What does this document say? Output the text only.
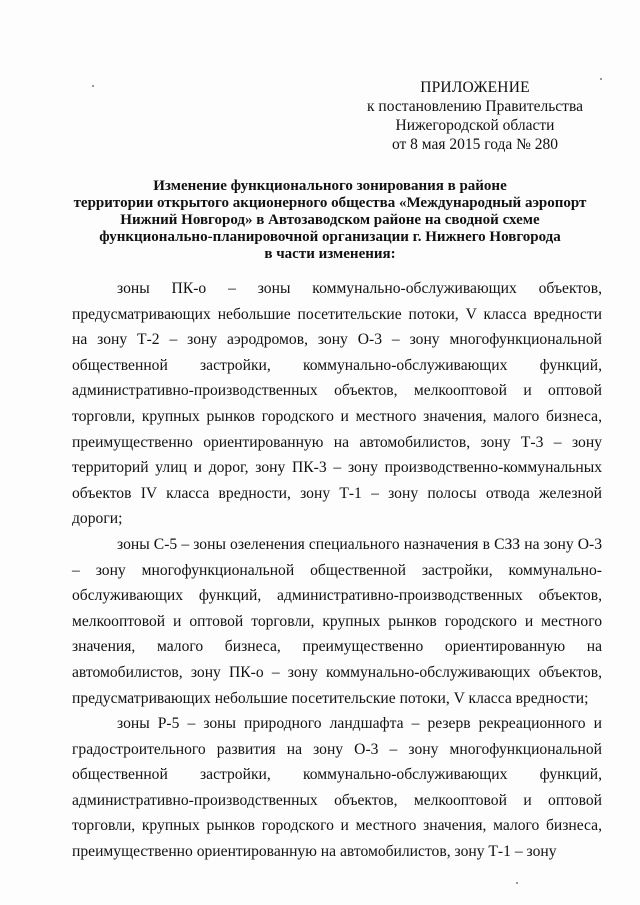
ПРИЛОЖЕНИЕ
к постановлению Правительства
Нижегородской области
от 8 мая 2015 года № 280
Изменение функционального зонирования в районе
территории открытого акционерного общества «Международный аэропорт
Нижний Новгород» в Автозаводском районе на сводной схеме
функционально-планировочной организации г. Нижнего Новгорода
в части изменения:

зоны ПК-о – зоны коммунально-обслуживающих объектов, предусматривающих небольшие посетительские потоки, V класса вредности на зону Т-2 – зону аэродромов, зону О-3 – зону многофункциональной общественной застройки, коммунально-обслуживающих функций, административно-производственных объектов, мелкооптовой и оптовой торговли, крупных рынков городского и местного значения, малого бизнеса, преимущественно ориентированную на автомобилистов, зону Т-3 – зону территорий улиц и дорог, зону ПК-3 – зону производственно-коммунальных объектов IV класса вредности, зону Т-1 – зону полосы отвода железной дороги;

зоны С-5 – зоны озеленения специального назначения в СЗЗ на зону О-3 – зону многофункциональной общественной застройки, коммунально-обслуживающих функций, административно-производственных объектов, мелкооптовой и оптовой торговли, крупных рынков городского и местного значения, малого бизнеса, преимущественно ориентированную на автомобилистов, зону ПК-о – зону коммунально-обслуживающих объектов, предусматривающих небольшие посетительские потоки, V класса вредности;

зоны Р-5 – зоны природного ландшафта – резерв рекреационного и градостроительного развития на зону О-3 – зону многофункциональной общественной застройки, коммунально-обслуживающих функций, административно-производственных объектов, мелкооптовой и оптовой торговли, крупных рынков городского и местного значения, малого бизнеса, преимущественно ориентированную на автомобилистов, зону Т-1 – зону
